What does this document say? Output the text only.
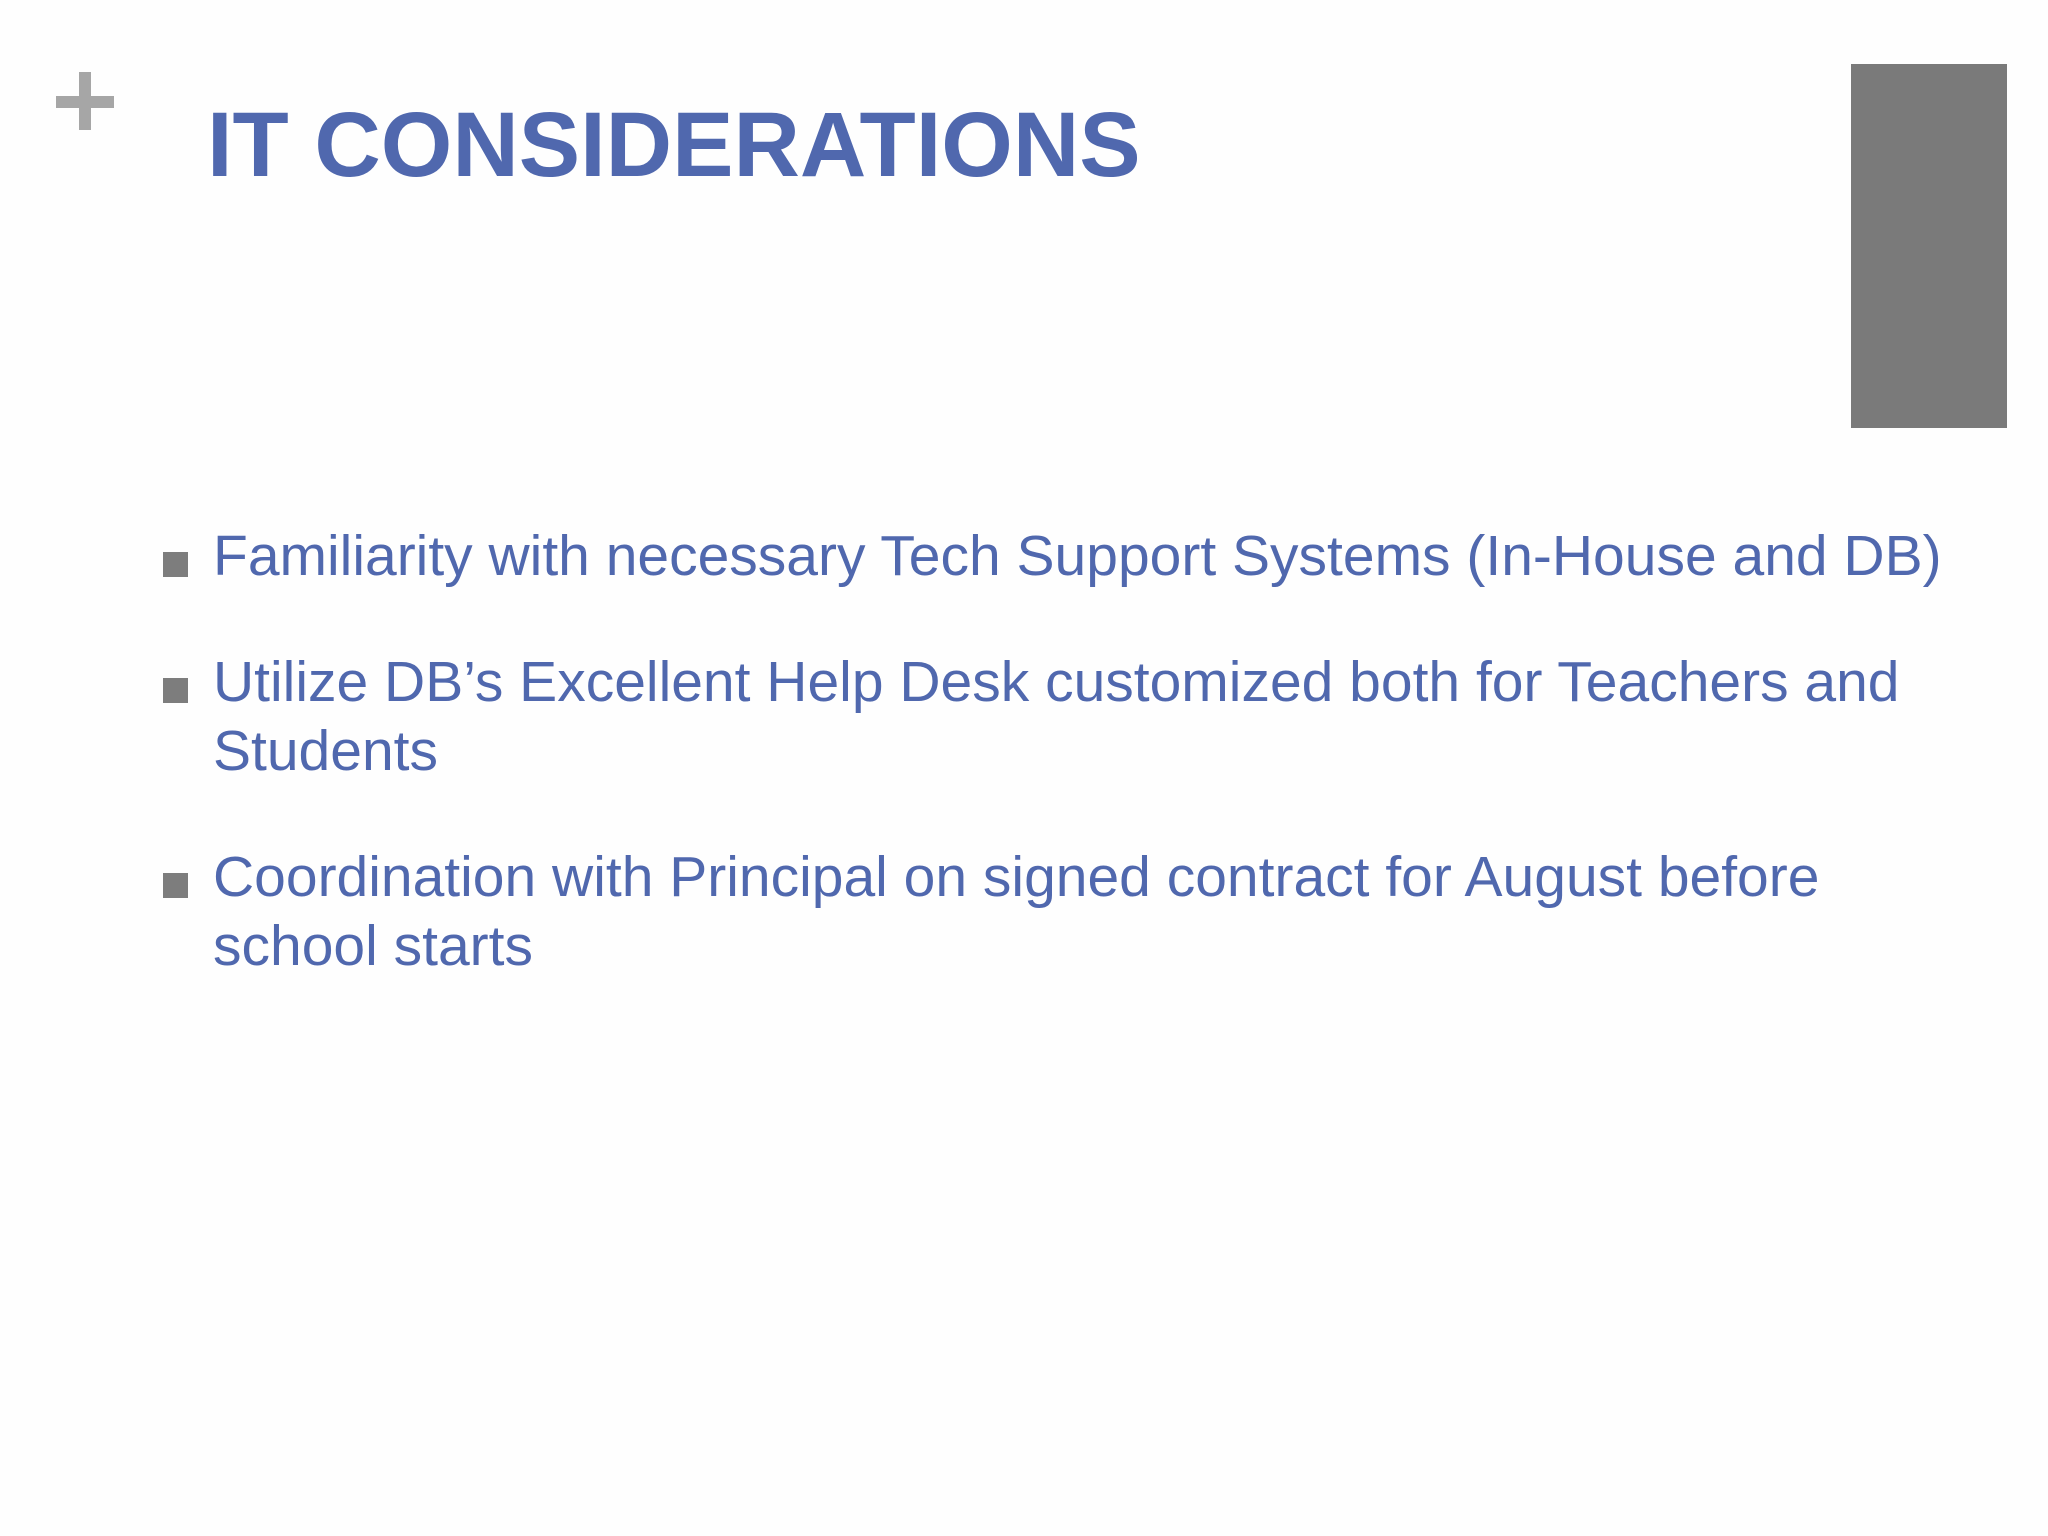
IT CONSIDERATIONS
Familiarity with necessary Tech Support Systems (In-House and DB)
Utilize DB’s Excellent Help Desk customized both for Teachers and Students
Coordination with Principal on signed contract for August before school starts
